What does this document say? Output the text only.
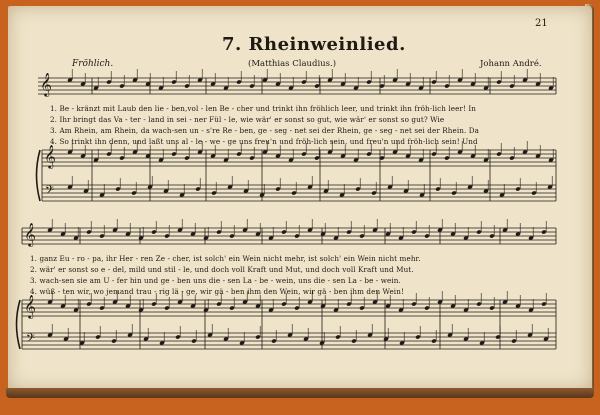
21
7. Rheinweinlied.
Fröhlich.	(Matthias Claudius.)	Johann André.
𝄞
𝄞
𝄢
𝄞
𝄞
𝄢
1. Be - kränzt mit Laub den lie - ben,vol - len Be - cher und trinkt ihn fröhlich leer, und trinkt ihn fröh-lich leer! In
2. Ihr bringt das Va - ter - land in sei - ner Fül - le, wie wär' er sonst so gut, wie wär' er sonst so gut? Wie
3. Am Rhein, am Rhein, da wach-sen un - s're Re - ben, ge - seg - net sei der Rhein, ge - seg - net sei der Rhein. Da
4. So trinkt ihn denn, und laßt uns al - le - we - ge uns freu'n und fröh-lich sein, und freu'n und fröh-lich sein! Und
1. ganz Eu - ro - pa, ihr Her - ren Ze - cher, ist solch' ein Wein nicht mehr, ist solch' ein Wein nicht mehr.
2. wär' er sonst so e - del, mild und stil - le, und doch voll Kraft und Mut, und doch voll Kraft und Mut.
3. wach-sen sie am U - fer hin und ge - ben uns die - sen La - be - wein, uns die - sen La - be - wein.
4. wüß - ten wir, wo jemand trau - rig lä - ge, wir gä - ben ihm den Wein, wir gä - ben ihm den Wein!
